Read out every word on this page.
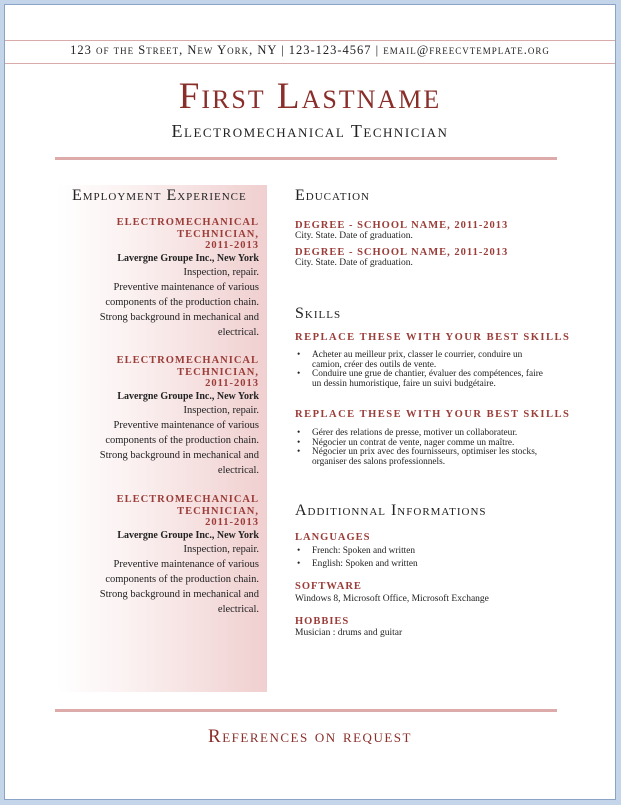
123 of the Street, New York, NY | 123-123-4567 | email@freecvtemplate.org
First Lastname
Electromechanical Technician
Employment Experience
ELECTROMECHANICAL
TECHNICIAN,
2011-2013
Lavergne Groupe Inc., New York
Inspection, repair.
Preventive maintenance of various
components of the production chain.
Strong background in mechanical and
electrical.
ELECTROMECHANICAL
TECHNICIAN,
2011-2013
Lavergne Groupe Inc., New York
Inspection, repair.
Preventive maintenance of various
components of the production chain.
Strong background in mechanical and
electrical.
ELECTROMECHANICAL
TECHNICIAN,
2011-2013
Lavergne Groupe Inc., New York
Inspection, repair.
Preventive maintenance of various
components of the production chain.
Strong background in mechanical and
electrical.
Education
DEGREE - SCHOOL NAME, 2011-2013
City. State. Date of graduation.
DEGREE - SCHOOL NAME, 2011-2013
City. State. Date of graduation.
Skills
REPLACE THESE WITH YOUR BEST SKILLS
• Acheter au meilleur prix, classer le courrier, conduire un camion, créer des outils de vente.
• Conduire une grue de chantier, évaluer des compétences, faire un dessin humoristique, faire un suivi budgétaire.
REPLACE THESE WITH YOUR BEST SKILLS
• Gérer des relations de presse, motiver un collaborateur.
• Négocier un contrat de vente, nager comme un maître.
• Négocier un prix avec des fournisseurs, optimiser les stocks, organiser des salons professionnels.
Additionnal Informations
LANGUAGES
• French: Spoken and written
• English: Spoken and written
SOFTWARE
Windows 8, Microsoft Office, Microsoft Exchange
HOBBIES
Musician : drums and guitar
References on request
